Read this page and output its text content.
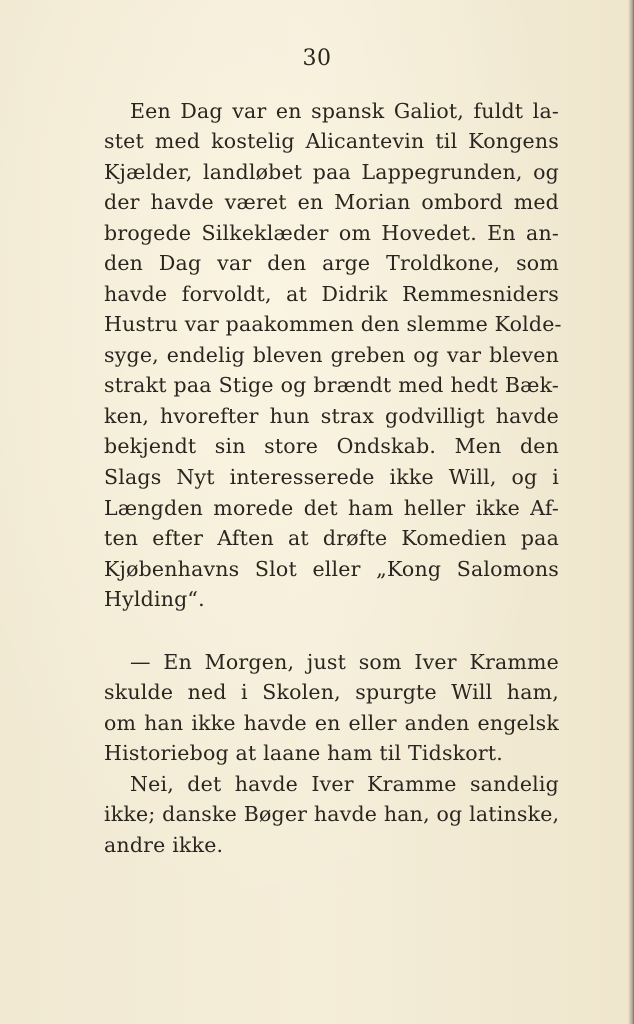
30
Een Dag var en spansk Galiot, fuldt la-
stet med kostelig Alicantevin til Kongens
Kjælder, landløbet paa Lappegrunden, og
der havde været en Morian ombord med
brogede Silkeklæder om Hovedet. En an-
den Dag var den arge Troldkone, som
havde forvoldt, at Didrik Remmesniders
Hustru var paakommen den slemme Kolde-
syge, endelig bleven greben og var bleven
strakt paa Stige og brændt med hedt Bæk-
ken, hvorefter hun strax godvilligt havde
bekjendt sin store Ondskab. Men den
Slags Nyt interesserede ikke Will, og i
Længden morede det ham heller ikke Af-
ten efter Aften at drøfte Komedien paa
Kjøbenhavns Slot eller „Kong Salomons
Hylding“.
— En Morgen, just som Iver Kramme
skulde ned i Skolen, spurgte Will ham,
om han ikke havde en eller anden engelsk
Historiebog at laane ham til Tidskort.
Nei, det havde Iver Kramme sandelig
ikke; danske Bøger havde han, og latinske,
andre ikke.
